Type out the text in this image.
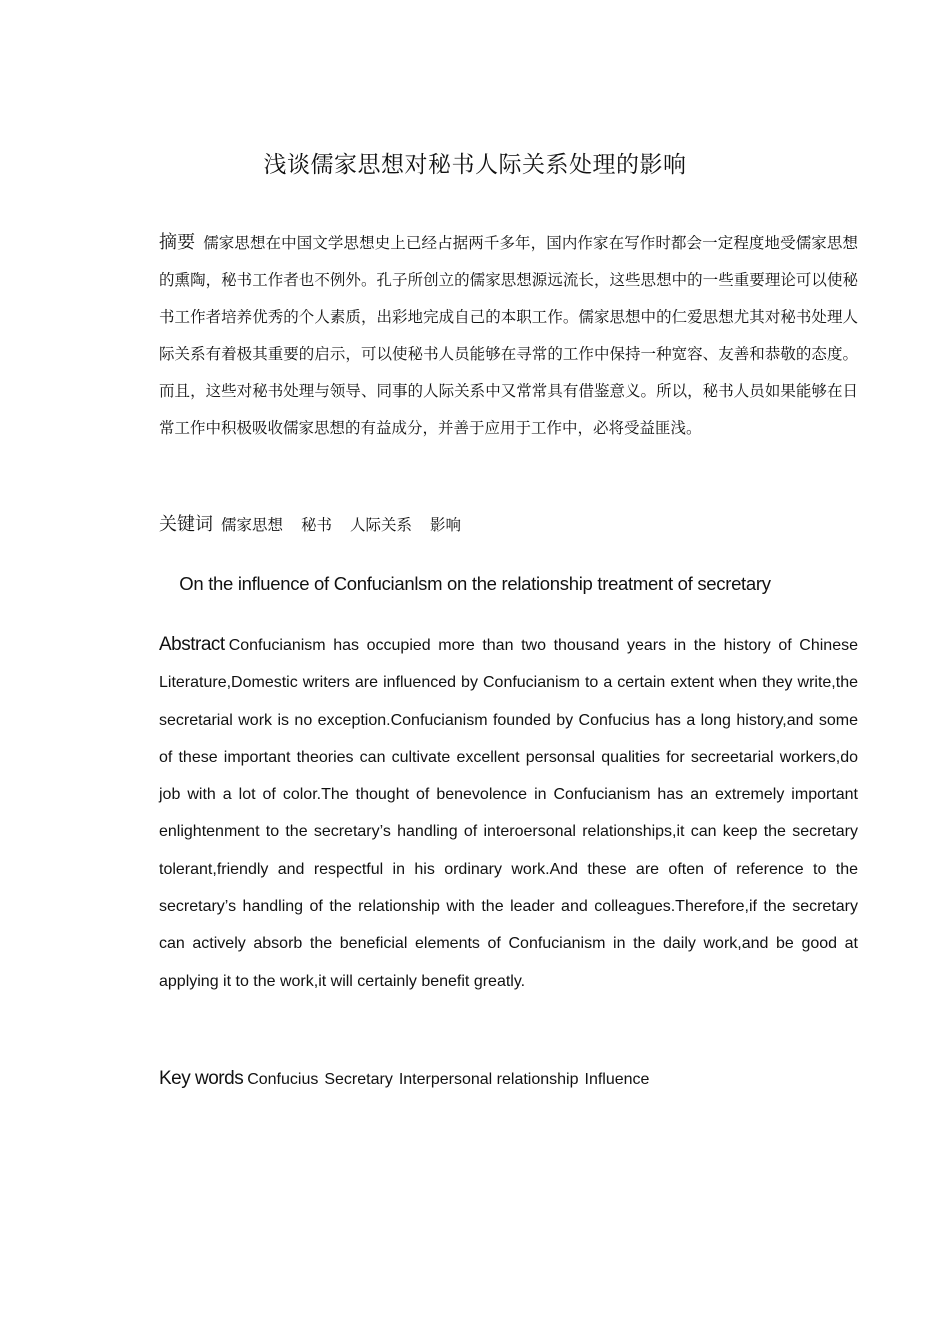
浅谈儒家思想对秘书人际关系处理的影响

摘要 儒家思想在中国文学思想史上已经占据两千多年，国内作家在写作时都会一定程度地受儒家思想的熏陶，秘书工作者也不例外。孔子所创立的儒家思想源远流长，这些思想中的一些重要理论可以使秘书工作者培养优秀的个人素质，出彩地完成自己的本职工作。儒家思想中的仁爱思想尤其对秘书处理人际关系有着极其重要的启示，可以使秘书人员能够在寻常的工作中保持一种宽容、友善和恭敬的态度。而且，这些对秘书处理与领导、同事的人际关系中又常常具有借鉴意义。所以，秘书人员如果能够在日常工作中积极吸收儒家思想的有益成分，并善于应用于工作中，必将受益匪浅。

关键词 儒家思想 秘书 人际关系 影响

On the influence of Confucianlsm on the relationship treatment of secretary

Abstract Confucianism has occupied more than two thousand years in the history of Chinese Literature,Domestic writers are influenced by Confucianism to a certain extent when they write,the secretarial work is no exception.Confucianism founded by Confucius has a long history,and some of these important theories can cultivate excellent personsal qualities for secreetarial workers,do job with a lot of color.The thought of benevolence in Confucianism has an extremely important enlightenment to the secretary’s handling of interoersonal relationships,it can keep the secretary tolerant,friendly and respectful in his ordinary work.And these are often of reference to the secretary’s handling of the relationship with the leader and colleagues.Therefore,if the secretary can actively absorb the beneficial elements of Confucianism in the daily work,and be good at applying it to the work,it will certainly benefit greatly.

Key words Confucius Secretary Interpersonal relationship Influence
